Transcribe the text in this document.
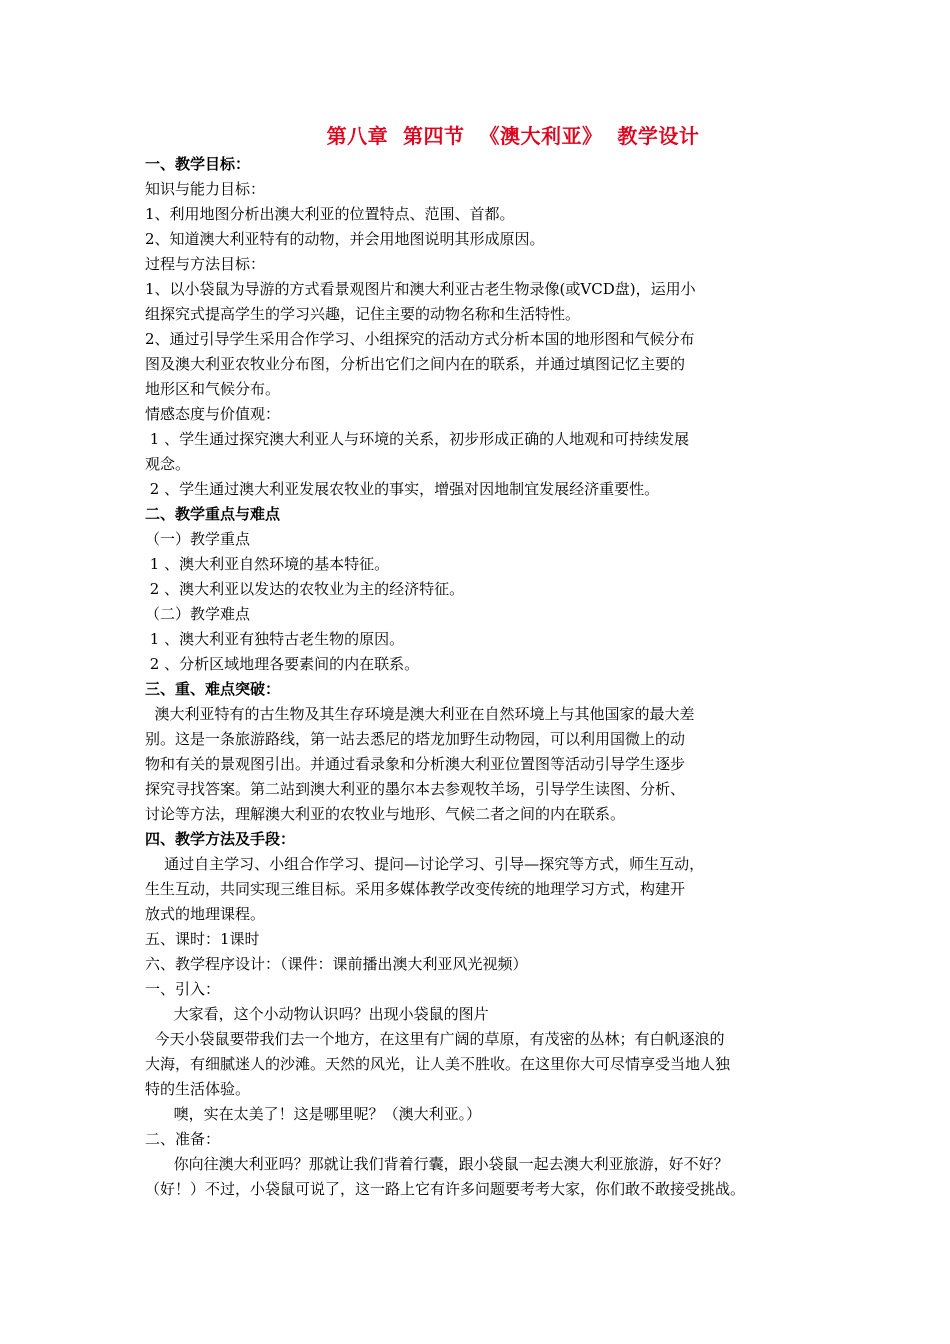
第八章  第四节  《澳大利亚》  教学设计
一、教学目标：
知识与能力目标：
1、利用地图分析出澳大利亚的位置特点、范围、首都。
2、知道澳大利亚特有的动物，并会用地图说明其形成原因。
过程与方法目标：
1、以小袋鼠为导游的方式看景观图片和澳大利亚古老生物录像(或VCD盘)，运用小
组探究式提高学生的学习兴趣，记住主要的动物名称和生活特性。
2、通过引导学生采用合作学习、小组探究的活动方式分析本国的地形图和气候分布
图及澳大利亚农牧业分布图，分析出它们之间内在的联系，并通过填图记忆主要的
地形区和气候分布。
情感态度与价值观：
1 、学生通过探究澳大利亚人与环境的关系，初步形成正确的人地观和可持续发展
观念。
2 、学生通过澳大利亚发展农牧业的事实，增强对因地制宜发展经济重要性。
二、教学重点与难点
（一）教学重点
1 、澳大利亚自然环境的基本特征。
2 、澳大利亚以发达的农牧业为主的经济特征。
（二）教学难点
1 、澳大利亚有独特古老生物的原因。
2 、分析区域地理各要素间的内在联系。
三、重、难点突破：
澳大利亚特有的古生物及其生存环境是澳大利亚在自然环境上与其他国家的最大差
别。这是一条旅游路线，第一站去悉尼的塔龙加野生动物园，可以利用国微上的动
物和有关的景观图引出。并通过看录象和分析澳大利亚位置图等活动引导学生逐步
探究寻找答案。第二站到澳大利亚的墨尔本去参观牧羊场，引导学生读图、分析、
讨论等方法，理解澳大利亚的农牧业与地形、气候二者之间的内在联系。
四、教学方法及手段：
通过自主学习、小组合作学习、提问—讨论学习、引导—探究等方式，师生互动，
生生互动，共同实现三维目标。采用多媒体教学改变传统的地理学习方式，构建开
放式的地理课程。
五、课时：1课时
六、教学程序设计：（课件：课前播出澳大利亚风光视频）
一、引入：
大家看，这个小动物认识吗？出现小袋鼠的图片
今天小袋鼠要带我们去一个地方，在这里有广阔的草原，有茂密的丛林；有白帆逐浪的
大海，有细腻迷人的沙滩。天然的风光，让人美不胜收。在这里你大可尽情享受当地人独
特的生活体验。
噢，实在太美了！这是哪里呢？（澳大利亚。）
二、准备：
你向往澳大利亚吗？那就让我们背着行囊，跟小袋鼠一起去澳大利亚旅游，好不好？
（好！）不过，小袋鼠可说了，这一路上它有许多问题要考考大家，你们敢不敢接受挑战。
